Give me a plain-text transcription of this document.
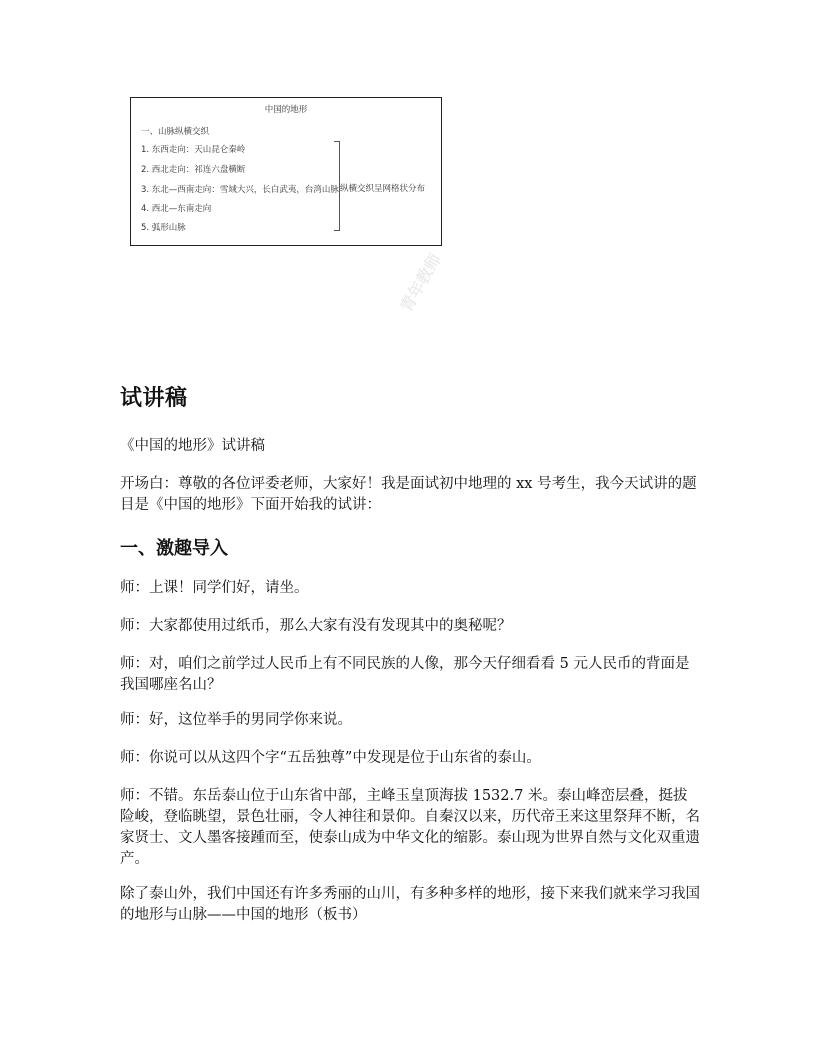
中国的地形
一、山脉纵横交织
1. 东西走向：天山昆仑秦岭
2. 西北走向：祁连六盘横断
3. 东北—西南走向：雪域大兴，长白武夷，台湾山脉
4. 西北—东南走向
5. 弧形山脉
青年教师
纵横交织呈网格状分布
试讲稿
《中国的地形》试讲稿
开场白：尊敬的各位评委老师，大家好！我是面试初中地理的 xx 号考生，我今天试讲的题目是《中国的地形》下面开始我的试讲：
一、激趣导入
师：上课！同学们好，请坐。
师：大家都使用过纸币，那么大家有没有发现其中的奥秘呢？
师：对，咱们之前学过人民币上有不同民族的人像，那今天仔细看看 5 元人民币的背面是我国哪座名山？
师：好，这位举手的男同学你来说。
师：你说可以从这四个字“五岳独尊”中发现是位于山东省的泰山。
师：不错。东岳泰山位于山东省中部，主峰玉皇顶海拔 1532.7 米。泰山峰峦层叠，挺拔险峻，登临眺望，景色壮丽，令人神往和景仰。自秦汉以来，历代帝王来这里祭拜不断，名家贤士、文人墨客接踵而至，使泰山成为中华文化的缩影。泰山现为世界自然与文化双重遗产。
除了泰山外，我们中国还有许多秀丽的山川，有多种多样的地形，接下来我们就来学习我国的地形与山脉——中国的地形（板书）
